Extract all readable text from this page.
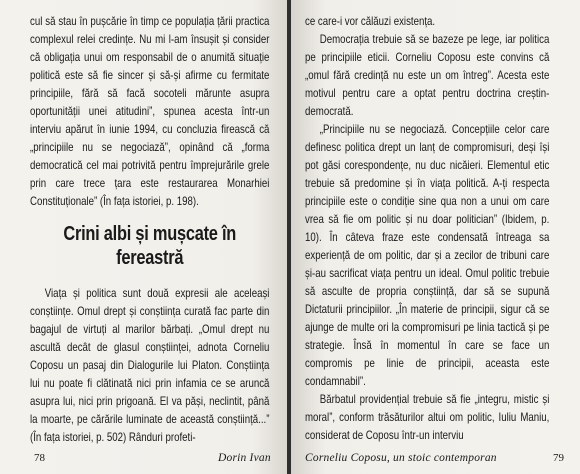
cul să stau în pușcărie în timp ce populația țării practica complexul relei credințe. Nu mi l-am însușit și consider că obligația unui om responsabil de o anumită situație politică este să fie sincer și să-și afirme cu fermitate principiile, fără să facă socoteli mărunte asupra oportunității unei atitudini”, spunea acesta într-un interviu apărut în iunie 1994, cu concluzia firească că „principiile nu se negociază”, opinând că „forma democratică cel mai potrivită pentru împrejurările grele prin care trece țara este restaurarea Monarhiei Constituționale” (În fața istoriei, p. 198).

Crini albi și mușcate în fereastră

Viața și politica sunt două expresii ale aceleași conștiințe. Omul drept și conștiința curată fac parte din bagajul de virtuți al marilor bărbați. „Omul drept nu ascultă decât de glasul conștiinței, adnota Corneliu Coposu un pasaj din Dialogurile lui Platon. Conștiința lui nu poate fi clătinată nici prin infamia ce se aruncă asupra lui, nici prin prigoană. El va păși, neclintit, până la moarte, pe cărările luminate de această conștiință...” (În fața istoriei, p. 502) Rânduri profeti-

78	Dorin Ivan

ce care-i vor călăuzi existența.

Democrația trebuie să se bazeze pe lege, iar politica pe principiile eticii. Corneliu Coposu este convins că „omul fără credință nu este un om întreg”. Acesta este motivul pentru care a optat pentru doctrina creștin-democrată.

„Principiile nu se negociază. Concepțiile celor care definesc politica drept un lanț de compromisuri, deși își pot găsi corespondențe, nu duc nicăieri. Elementul etic trebuie să predomine și în viața politică. A-ți respecta principiile este o condiție sine qua non a unui om care vrea să fie om politic și nu doar politician” (Ibidem, p. 10). În câteva fraze este condensată întreaga sa experiență de om politic, dar și a zecilor de tribuni care și-au sacrificat viața pentru un ideal. Omul politic trebuie să asculte de propria conștiință, dar să se supună Dictaturii principiilor. „În materie de principii, sigur că se ajunge de multe ori la compromisuri pe linia tactică și pe strategie. Însă în momentul în care se face un compromis pe linie de principii, aceasta este condamnabil”.

Bărbatul providențial trebuie să fie „integru, mistic și moral”, conform trăsăturilor altui om politic, Iuliu Maniu, considerat de Coposu într-un interviu

Corneliu Coposu, un stoic contemporan	79
